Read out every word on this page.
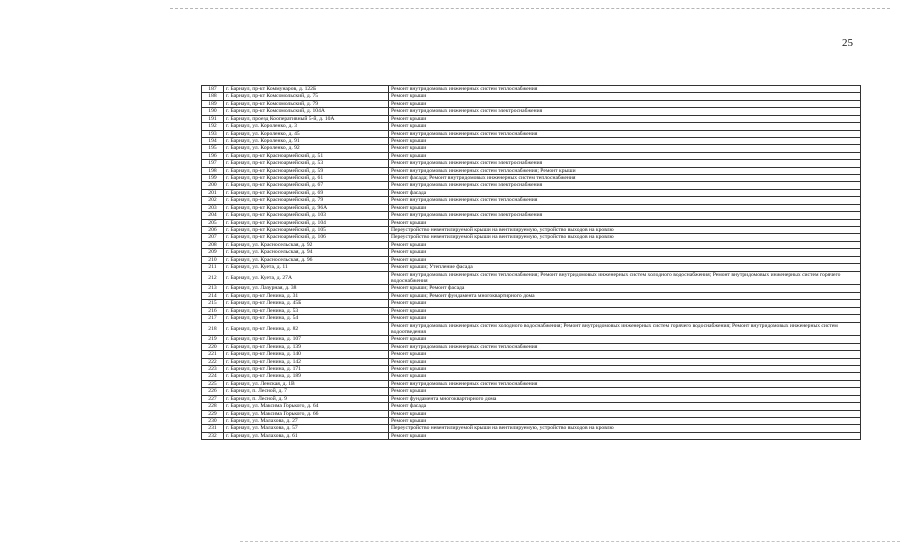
25
187	г. Барнаул, пр-кт Коммунаров, д. 122Б	Ремонт внутридомовых инженерных систем теплоснабжения
188	г. Барнаул, пр-кт Комсомольский, д. 75	Ремонт крыши
189	г. Барнаул, пр-кт Комсомольский, д. 79	Ремонт крыши
190	г. Барнаул, пр-кт Комсомольский, д. 104А	Ремонт внутридомовых инженерных систем электроснабжения
191	г. Барнаул, проезд Кооперативный 5-й, д. 10А	Ремонт крыши
192	г. Барнаул, ул. Короленко, д. 3	Ремонт крыши
193	г. Барнаул, ул. Короленко, д. 45	Ремонт внутридомовых инженерных систем теплоснабжения
194	г. Барнаул, ул. Короленко, д. 91	Ремонт крыши
195	г. Барнаул, ул. Короленко, д. 92	Ремонт крыши
196	г. Барнаул, пр-кт Красноармейский, д. 51	Ремонт крыши
197	г. Барнаул, пр-кт Красноармейский, д. 53	Ремонт внутридомовых инженерных систем электроснабжения
198	г. Барнаул, пр-кт Красноармейский, д. 59	Ремонт внутридомовых инженерных систем теплоснабжения; Ремонт крыши
199	г. Барнаул, пр-кт Красноармейский, д. 61	Ремонт фасада; Ремонт внутридомовых инженерных систем теплоснабжения
200	г. Барнаул, пр-кт Красноармейский, д. 67	Ремонт внутридомовых инженерных систем электроснабжения
201	г. Барнаул, пр-кт Красноармейский, д. 69	Ремонт фасада
202	г. Барнаул, пр-кт Красноармейский, д. 79	Ремонт внутридомовых инженерных систем теплоснабжения
203	г. Барнаул, пр-кт Красноармейский, д. 96А	Ремонт крыши
204	г. Барнаул, пр-кт Красноармейский, д. 103	Ремонт внутридомовых инженерных систем электроснабжения
205	г. Барнаул, пр-кт Красноармейский, д. 104	Ремонт крыши
206	г. Барнаул, пр-кт Красноармейский, д. 105	Переустройство невентилируемой крыши на вентилируемую, устройство выходов на кровлю
207	г. Барнаул, пр-кт Красноармейский, д. 106	Переустройство невентилируемой крыши на вентилируемую, устройство выходов на кровлю
208	г. Барнаул, ул. Красносельская, д. 92	Ремонт крыши
209	г. Барнаул, ул. Красносельская, д. 94	Ремонт крыши
210	г. Барнаул, ул. Красносельская, д. 96	Ремонт крыши
211	г. Барнаул, ул. Куета, д. 11	Ремонт крыши; Утепление фасада
212	г. Барнаул, ул. Куета, д. 27А	Ремонт внутридомовых инженерных систем теплоснабжения; Ремонт внутридомовых инженерных систем холодного водоснабжения; Ремонт внутридомовых инженерных систем горячего водоснабжения
213	г. Барнаул, ул. Лазурная, д. 38	Ремонт крыши; Ремонт фасада
214	г. Барнаул, пр-кт Ленина, д. 31	Ремонт крыши; Ремонт фундамента многоквартирного дома
215	г. Барнаул, пр-кт Ленина, д. 45Б	Ремонт крыши
216	г. Барнаул, пр-кт Ленина, д. 53	Ремонт крыши
217	г. Барнаул, пр-кт Ленина, д. 54	Ремонт крыши
218	г. Барнаул, пр-кт Ленина, д. 82	Ремонт внутридомовых инженерных систем холодного водоснабжения; Ремонт внутридомовых инженерных систем горячего водоснабжения; Ремонт внутридомовых инженерных систем водоотведения
219	г. Барнаул, пр-кт Ленина, д. 107	Ремонт крыши
220	г. Барнаул, пр-кт Ленина, д. 139	Ремонт внутридомовых инженерных систем теплоснабжения
221	г. Барнаул, пр-кт Ленина, д. 140	Ремонт крыши
222	г. Барнаул, пр-кт Ленина, д. 142	Ремонт крыши
223	г. Барнаул, пр-кт Ленина, д. 171	Ремонт крыши
224	г. Барнаул, пр-кт Ленина, д. 189	Ремонт крыши
225	г. Барнаул, ул. Ленская, д. 1В	Ремонт внутридомовых инженерных систем теплоснабжения
226	г. Барнаул, п. Лесной, д. 7	Ремонт крыши
227	г. Барнаул, п. Лесной, д. 9	Ремонт фундамента многоквартирного дома
228	г. Барнаул, ул. Максима Горького, д. 64	Ремонт фасада
229	г. Барнаул, ул. Максима Горького, д. 66	Ремонт крыши
230	г. Барнаул, ул. Малахова, д. 27	Ремонт крыши
231	г. Барнаул, ул. Малахова, д. 57	Переустройство невентилируемой крыши на вентилируемую, устройство выходов на кровлю
232	г. Барнаул, ул. Малахова, д. 61	Ремонт крыши
